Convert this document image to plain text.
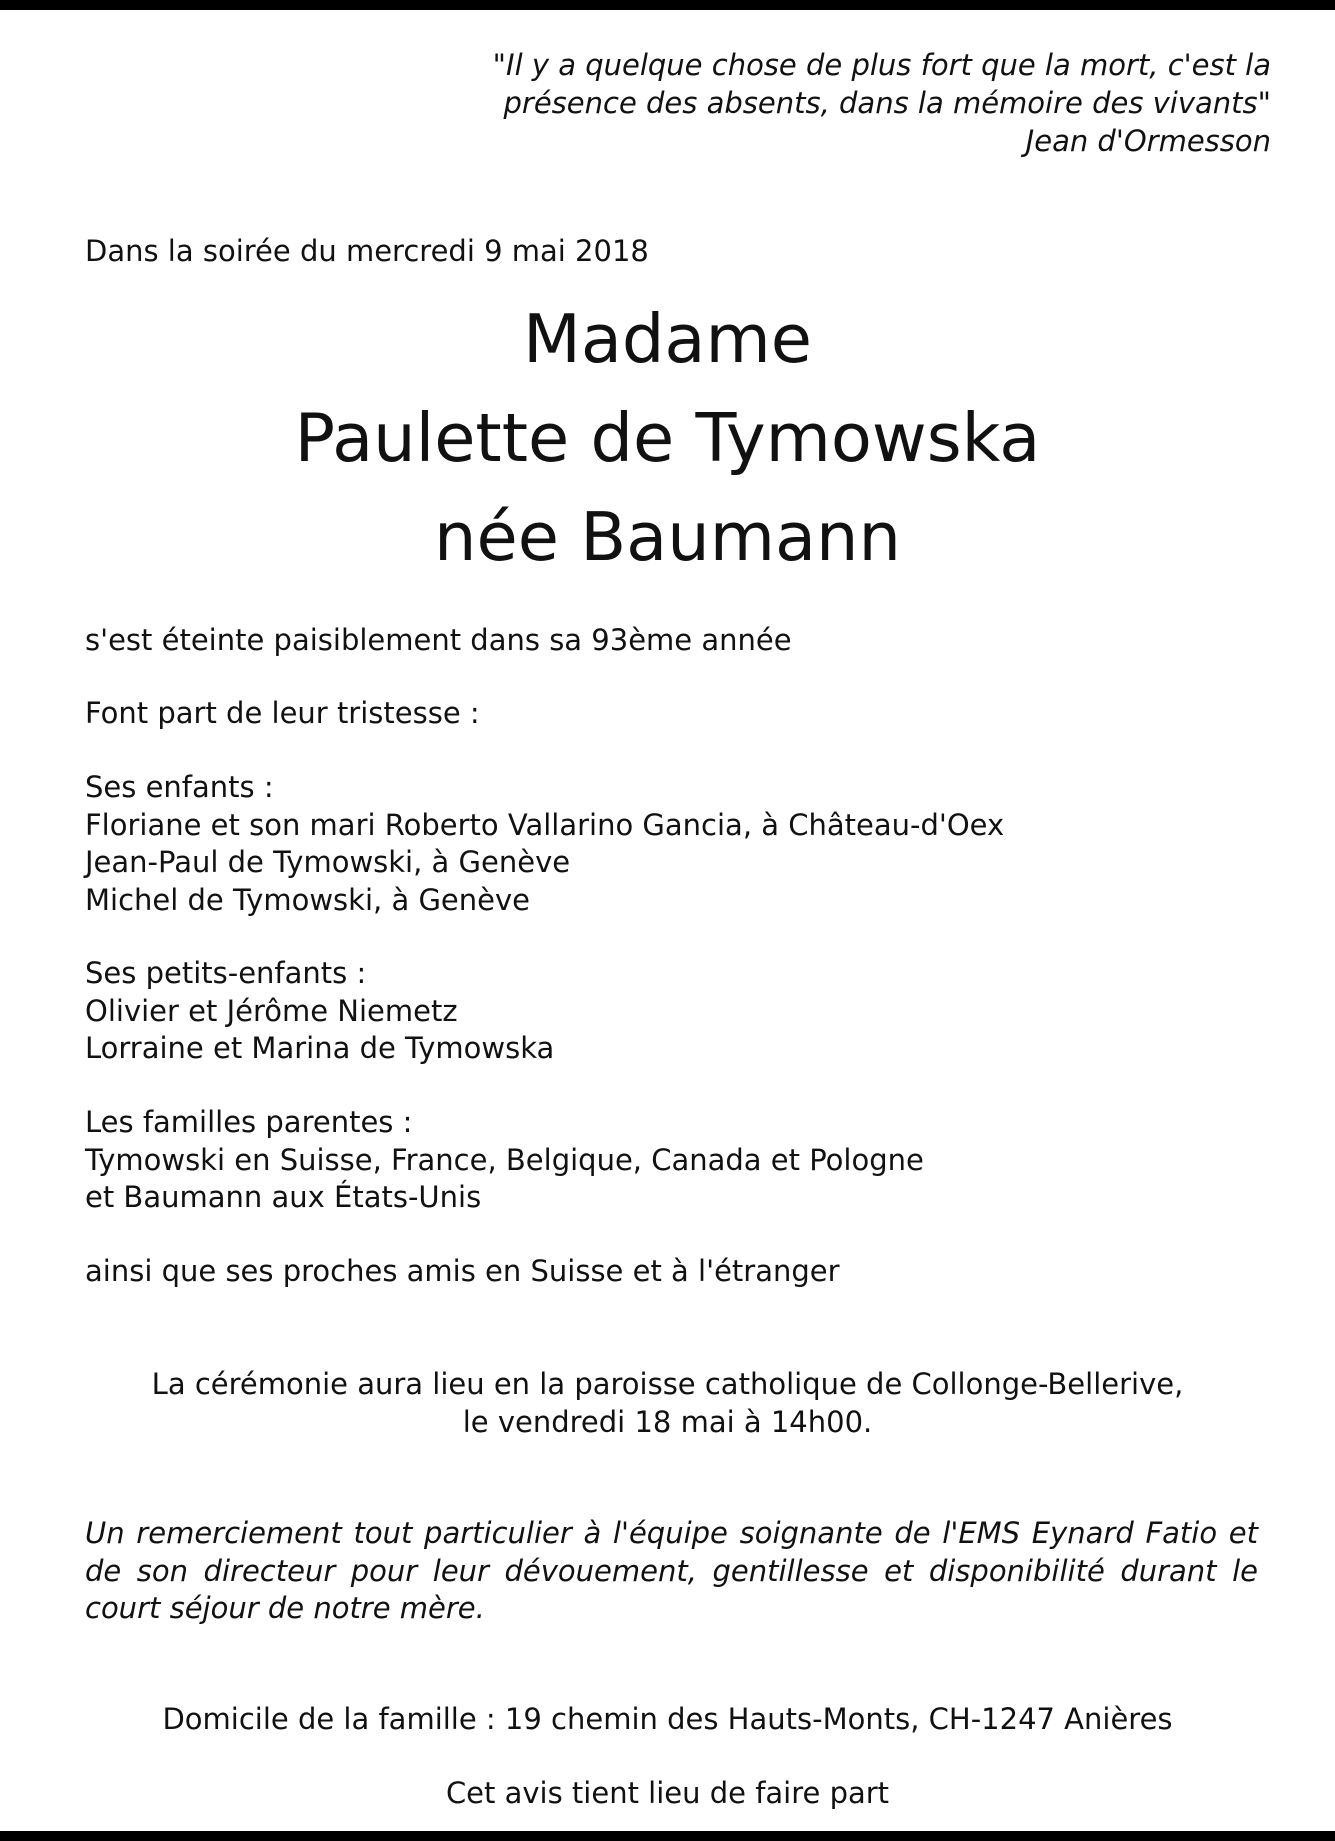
"Il y a quelque chose de plus fort que la mort, c'est la
présence des absents, dans la mémoire des vivants"
Jean d'Ormesson

Dans la soirée du mercredi 9 mai 2018

Madame
Paulette de Tymowska
née Baumann

s'est éteinte paisiblement dans sa 93ème année

Font part de leur tristesse :

Ses enfants :
Floriane et son mari Roberto Vallarino Gancia, à Château-d'Oex
Jean-Paul de Tymowski, à Genève
Michel de Tymowski, à Genève
Ses petits-enfants :
Olivier et Jérôme Niemetz
Lorraine et Marina de Tymowska
Les familles parentes :
Tymowski en Suisse, France, Belgique, Canada et Pologne
et Baumann aux États-Unis

ainsi que ses proches amis en Suisse et à l'étranger

La cérémonie aura lieu en la paroisse catholique de Collonge-Bellerive,
le vendredi 18 mai à 14h00.

Un remerciement tout particulier à l'équipe soignante de l'EMS Eynard Fatio et de son directeur pour leur dévouement, gentillesse et disponibilité durant le court séjour de notre mère.

Domicile de la famille : 19 chemin des Hauts-Monts, CH-1247 Anières

Cet avis tient lieu de faire part
